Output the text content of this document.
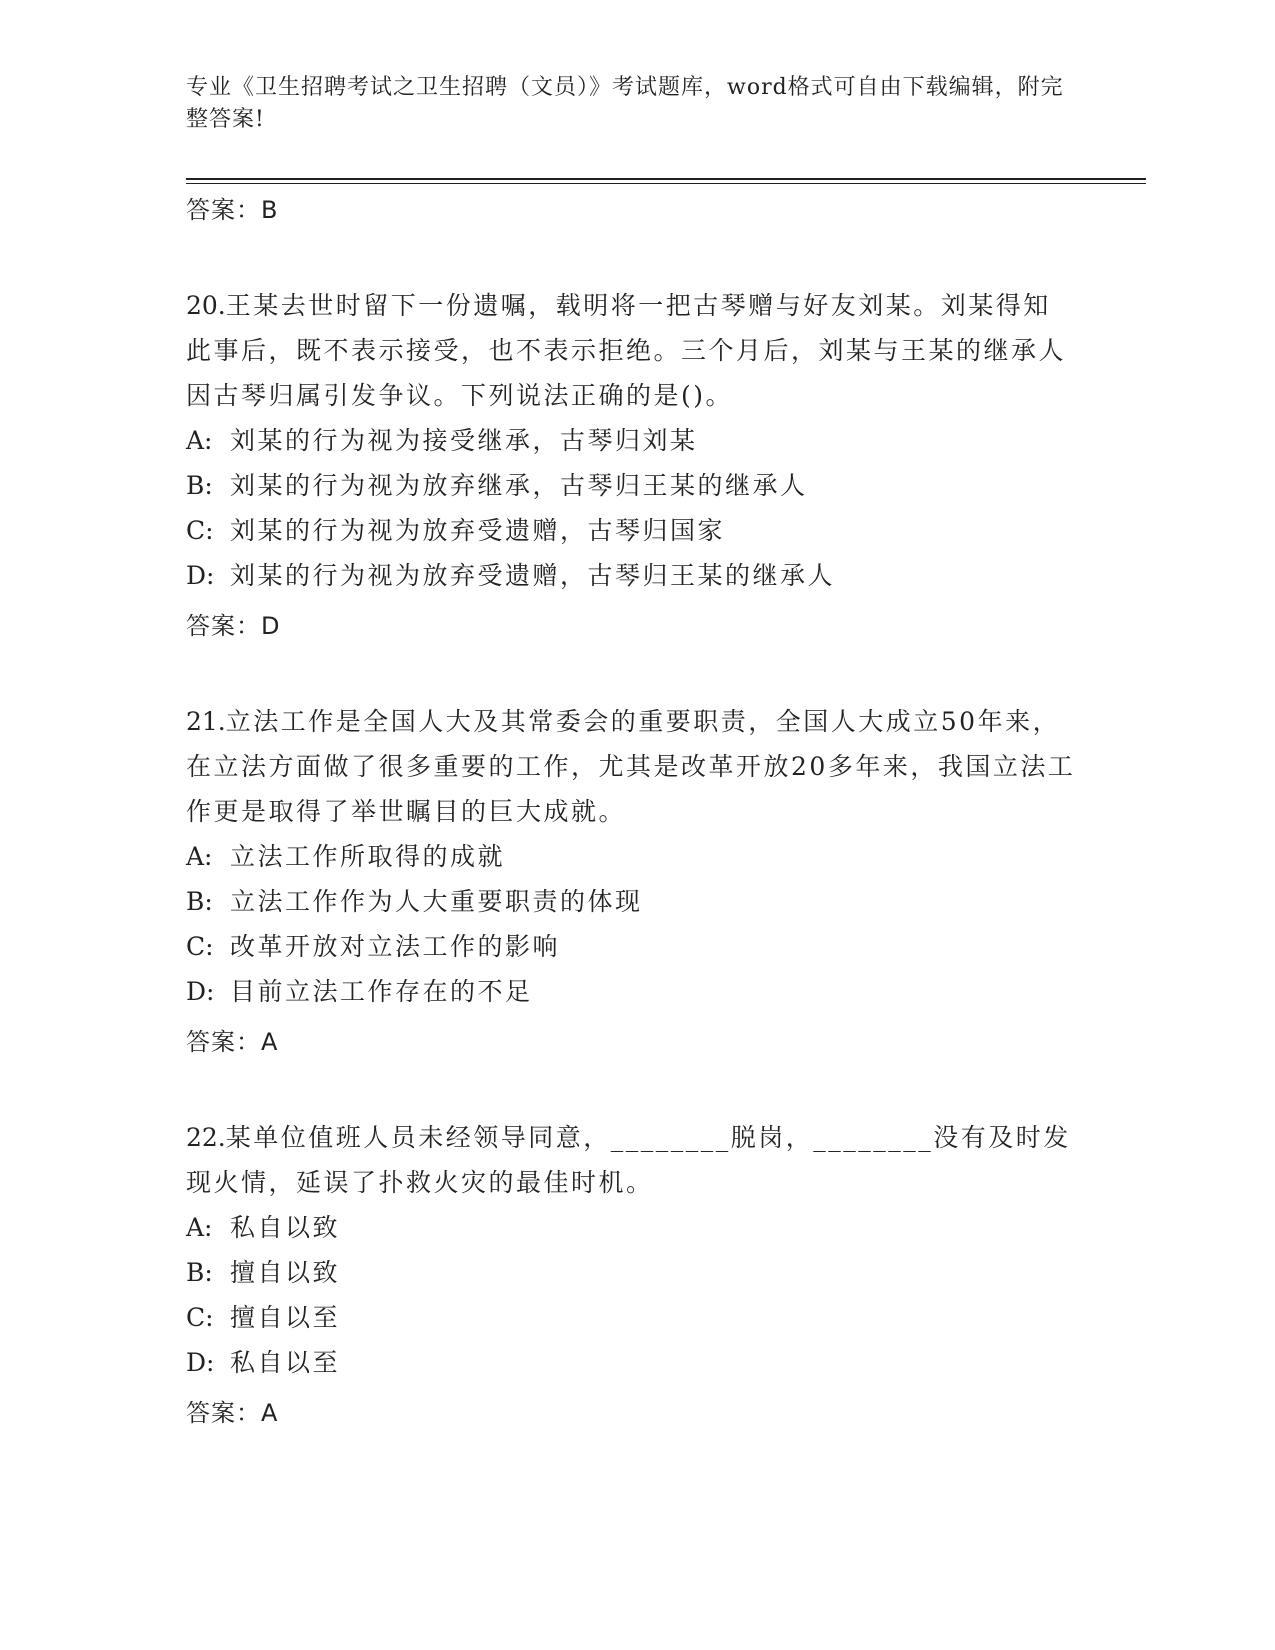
专业《卫生招聘考试之卫生招聘（文员）》考试题库，word格式可自由下载编辑，附完整答案!
答案：B
20.王某去世时留下一份遗嘱，载明将一把古琴赠与好友刘某。刘某得知此事后，既不表示接受，也不表示拒绝。三个月后，刘某与王某的继承人因古琴归属引发争议。下列说法正确的是()。
A: 刘某的行为视为接受继承，古琴归刘某
B: 刘某的行为视为放弃继承，古琴归王某的继承人
C: 刘某的行为视为放弃受遗赠，古琴归国家
D: 刘某的行为视为放弃受遗赠，古琴归王某的继承人
答案：D
21.立法工作是全国人大及其常委会的重要职责，全国人大成立50年来，在立法方面做了很多重要的工作，尤其是改革开放20多年来，我国立法工作更是取得了举世瞩目的巨大成就。
A: 立法工作所取得的成就
B: 立法工作作为人大重要职责的体现
C: 改革开放对立法工作的影响
D: 目前立法工作存在的不足
答案：A
22.某单位值班人员未经领导同意，________脱岗，________没有及时发现火情，延误了扑救火灾的最佳时机。
A: 私自以致
B: 擅自以致
C: 擅自以至
D: 私自以至
答案：A
